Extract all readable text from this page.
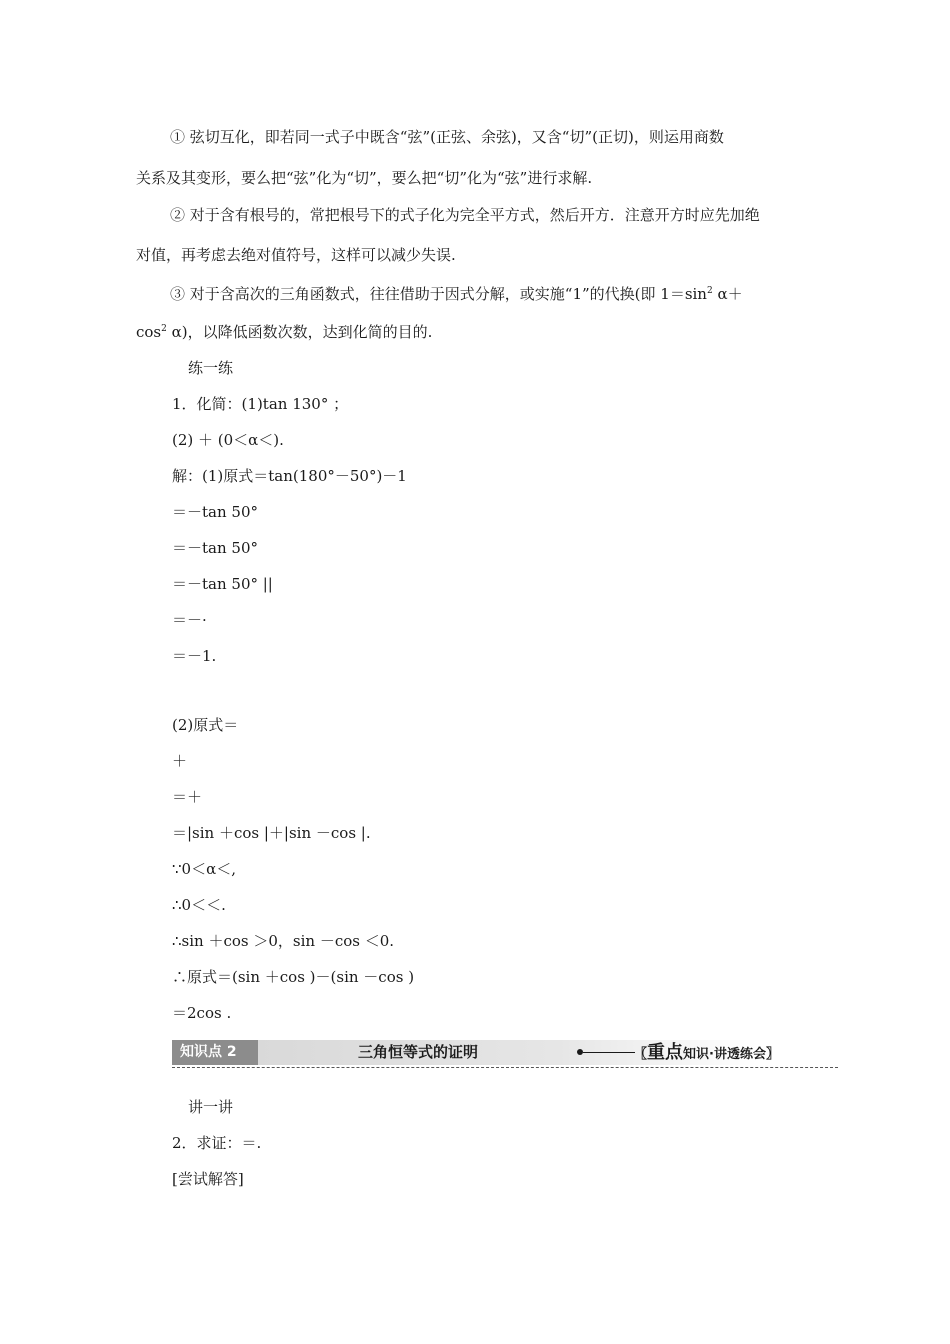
① 弦切互化，即若同一式子中既含“弦”(正弦、余弦)，又含“切”(正切)，则运用商数
关系及其变形，要么把“弦”化为“切”，要么把“切”化为“弦”进行求解.
② 对于含有根号的，常把根号下的式子化为完全平方式，然后开方．注意开方时应先加绝
对值，再考虑去绝对值符号，这样可以减少失误.
③ 对于含高次的三角函数式，往往借助于因式分解，或实施“1”的代换(即 $1=\sin^2$ α＋
$\cos^2 \alpha$)，以降低函数次数，达到化简的目的.
练一练
1．化简：(1)tan 130° ；
(2) ＋ (0＜α＜).
解：(1)原式＝tan(180°－50°)－1
＝－tan 50°
＝－tan 50°
＝－tan 50° ||
＝－·
＝－1.
(2)原式＝
＋
＝＋
＝|sin ＋cos |＋|sin －cos |.
∵0＜α＜,
∴0＜＜.
∴sin ＋cos ＞0，sin －cos ＜0.
∴原式＝(sin ＋cos )－(sin －cos )
＝2cos .
知识点 2	三角恒等式的证明	〖重点知识·讲透练会〗
讲一讲
2．求证：＝.
[尝试解答]
